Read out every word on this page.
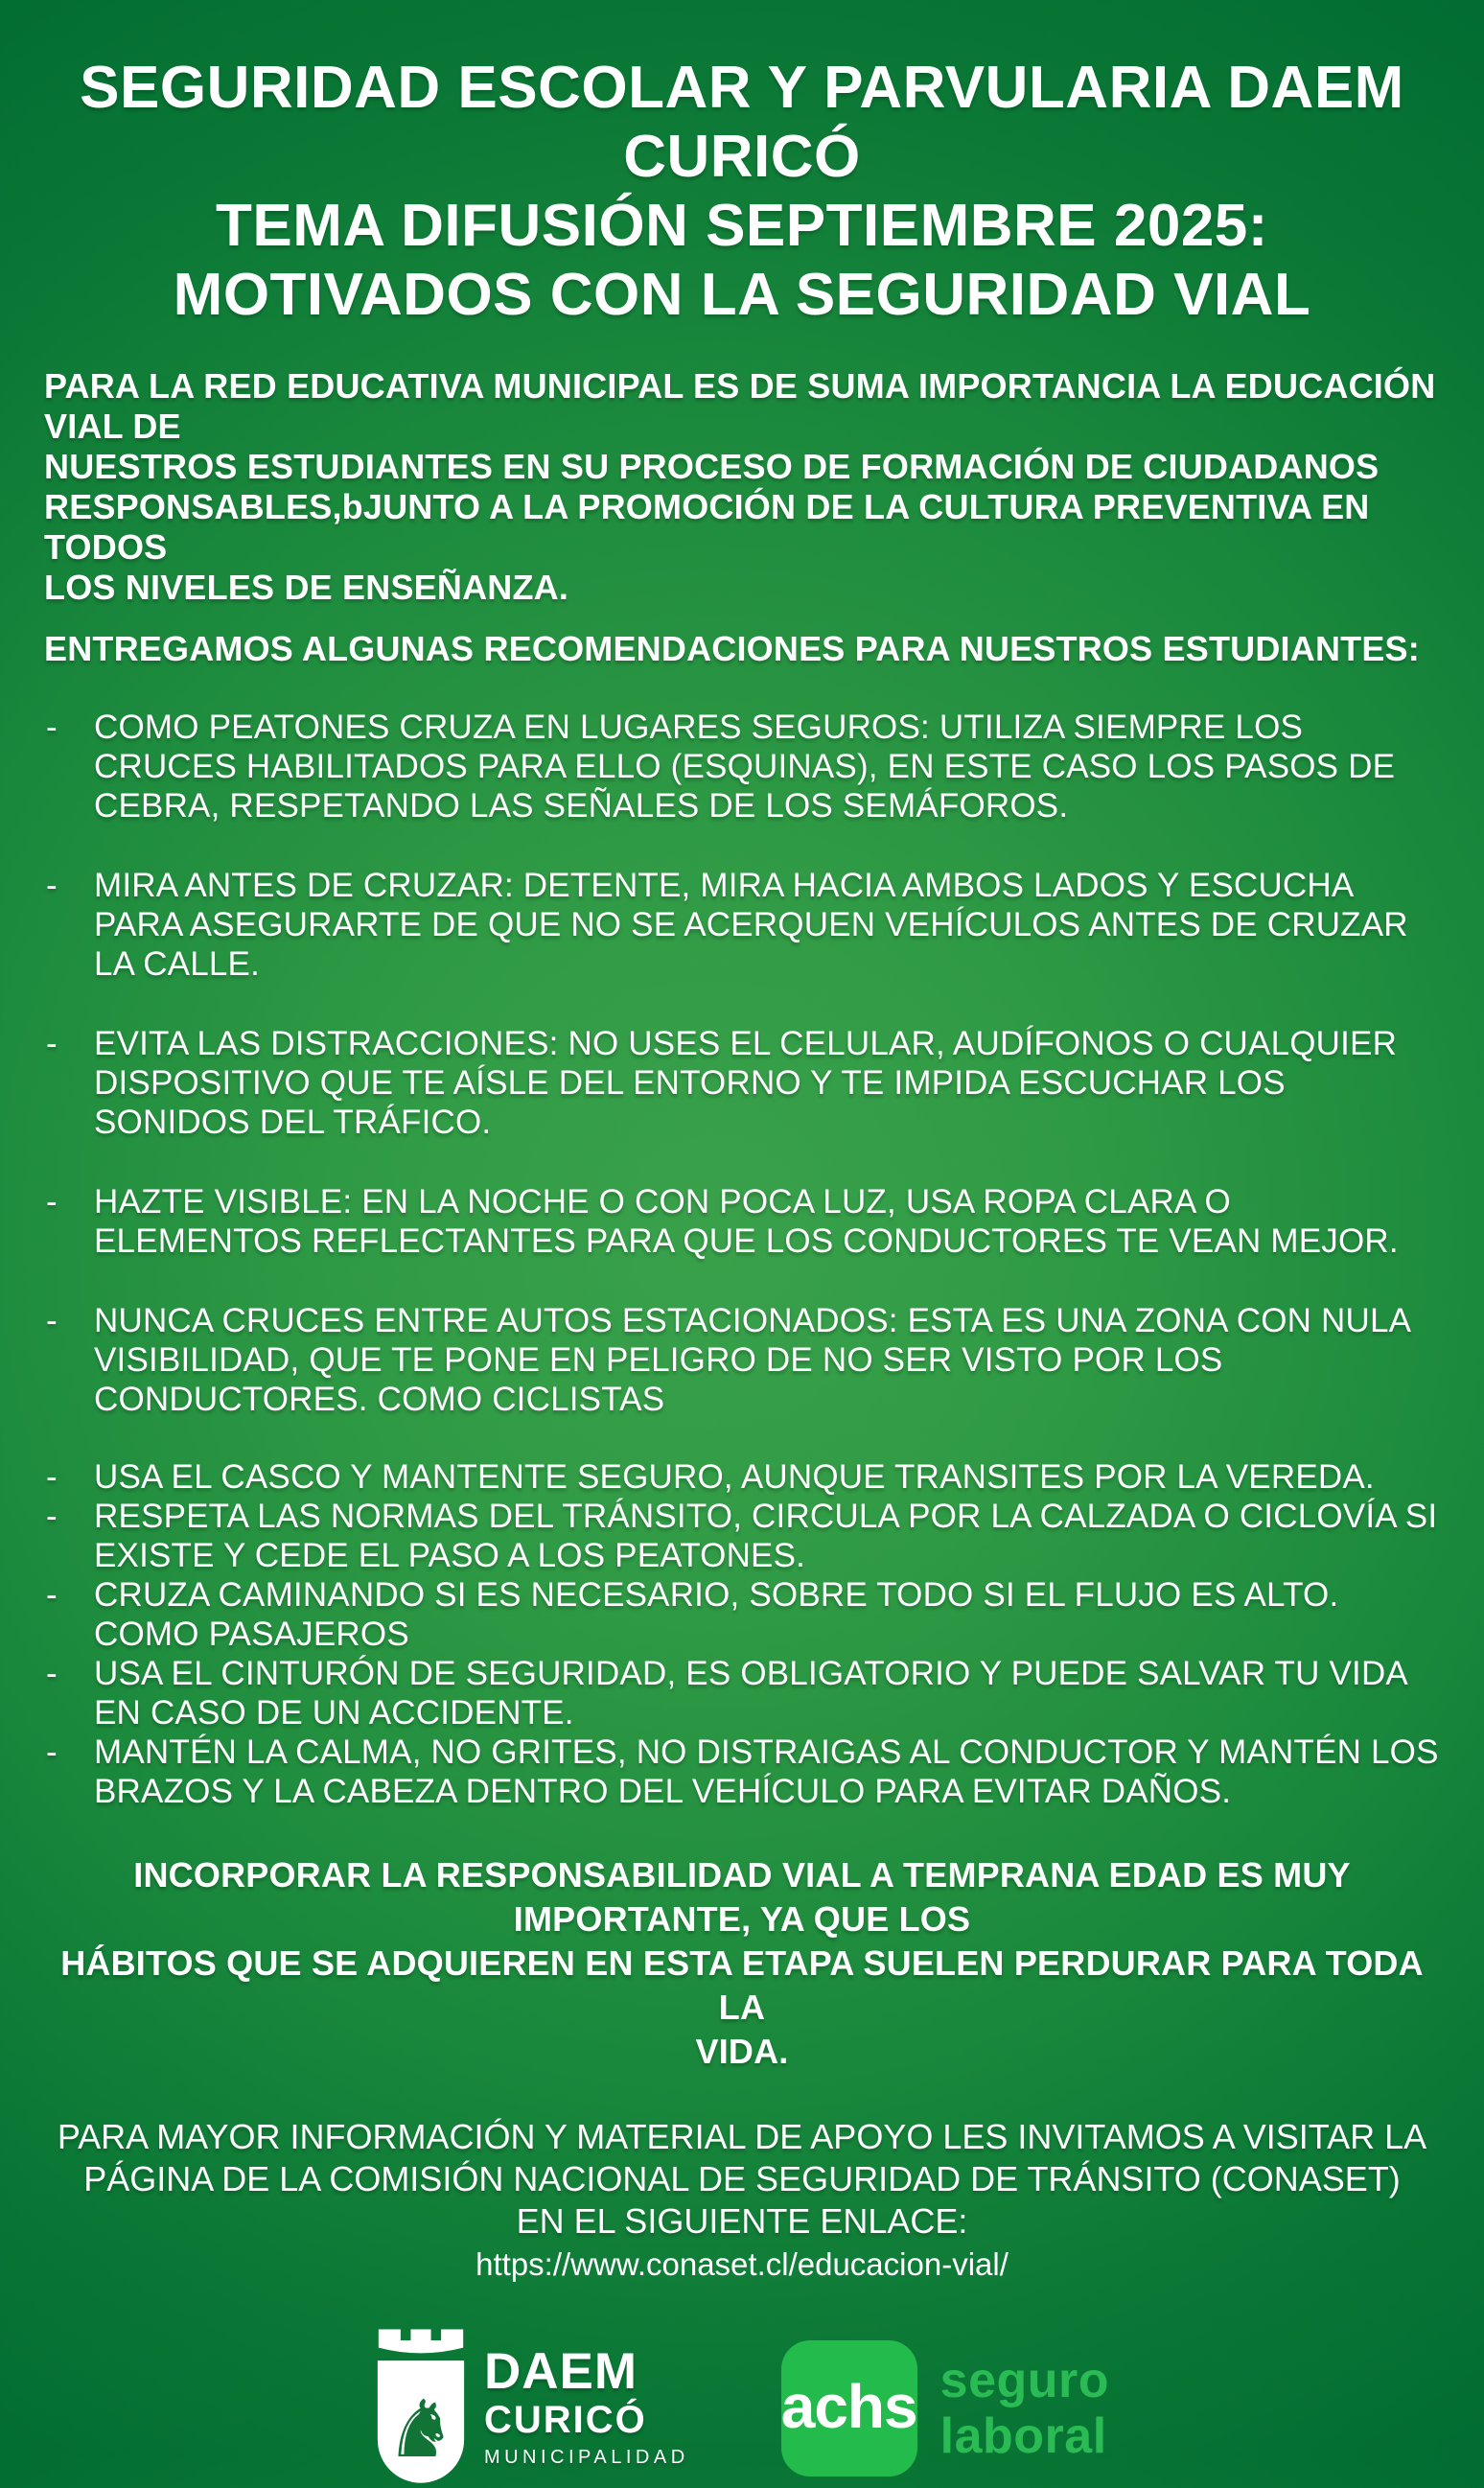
SEGURIDAD ESCOLAR Y PARVULARIA DAEM
CURICÓ
TEMA DIFUSIÓN SEPTIEMBRE 2025:
MOTIVADOS CON LA SEGURIDAD VIAL
PARA LA RED EDUCATIVA MUNICIPAL ES DE SUMA IMPORTANCIA LA EDUCACIÓN
VIAL DE
NUESTROS ESTUDIANTES EN SU PROCESO DE FORMACIÓN DE CIUDADANOS
RESPONSABLES,bJUNTO A LA PROMOCIÓN DE LA CULTURA PREVENTIVA EN TODOS
LOS NIVELES DE ENSEÑANZA.
ENTREGAMOS ALGUNAS RECOMENDACIONES PARA NUESTROS ESTUDIANTES:
- COMO PEATONES CRUZA EN LUGARES SEGUROS: UTILIZA SIEMPRE LOS CRUCES HABILITADOS PARA ELLO (ESQUINAS), EN ESTE CASO LOS PASOS DE CEBRA, RESPETANDO LAS SEÑALES DE LOS SEMÁFOROS.
- MIRA ANTES DE CRUZAR: DETENTE, MIRA HACIA AMBOS LADOS Y ESCUCHA PARA ASEGURARTE DE QUE NO SE ACERQUEN VEHÍCULOS ANTES DE CRUZAR LA CALLE.
- EVITA LAS DISTRACCIONES: NO USES EL CELULAR, AUDÍFONOS O CUALQUIER DISPOSITIVO QUE TE AÍSLE DEL ENTORNO Y TE IMPIDA ESCUCHAR LOS SONIDOS DEL TRÁFICO.
- HAZTE VISIBLE: EN LA NOCHE O CON POCA LUZ, USA ROPA CLARA O ELEMENTOS REFLECTANTES PARA QUE LOS CONDUCTORES TE VEAN MEJOR.
- NUNCA CRUCES ENTRE AUTOS ESTACIONADOS: ESTA ES UNA ZONA CON NULA VISIBILIDAD, QUE TE PONE EN PELIGRO DE NO SER VISTO POR LOS CONDUCTORES. COMO CICLISTAS
- USA EL CASCO Y MANTENTE SEGURO, AUNQUE TRANSITES POR LA VEREDA.
- RESPETA LAS NORMAS DEL TRÁNSITO, CIRCULA POR LA CALZADA O CICLOVÍA SI EXISTE Y CEDE EL PASO A LOS PEATONES.
- CRUZA CAMINANDO SI ES NECESARIO, SOBRE TODO SI EL FLUJO ES ALTO. COMO PASAJEROS
- USA EL CINTURÓN DE SEGURIDAD, ES OBLIGATORIO Y PUEDE SALVAR TU VIDA EN CASO DE UN ACCIDENTE.
- MANTÉN LA CALMA, NO GRITES, NO DISTRAIGAS AL CONDUCTOR Y MANTÉN LOS BRAZOS Y LA CABEZA DENTRO DEL VEHÍCULO PARA EVITAR DAÑOS.
INCORPORAR LA RESPONSABILIDAD VIAL A TEMPRANA EDAD ES MUY
IMPORTANTE, YA QUE LOS
HÁBITOS QUE SE ADQUIEREN EN ESTA ETAPA SUELEN PERDURAR PARA TODA LA
VIDA.
PARA MAYOR INFORMACIÓN Y MATERIAL DE APOYO LES INVITAMOS A VISITAR LA PÁGINA DE LA COMISIÓN NACIONAL DE SEGURIDAD DE TRÁNSITO (CONASET) EN EL SIGUIENTE ENLACE:
https://www.conaset.cl/educacion-vial/
♞
DAEM
CURICÓ
MUNICIPALIDAD
achs seguro
laboral
